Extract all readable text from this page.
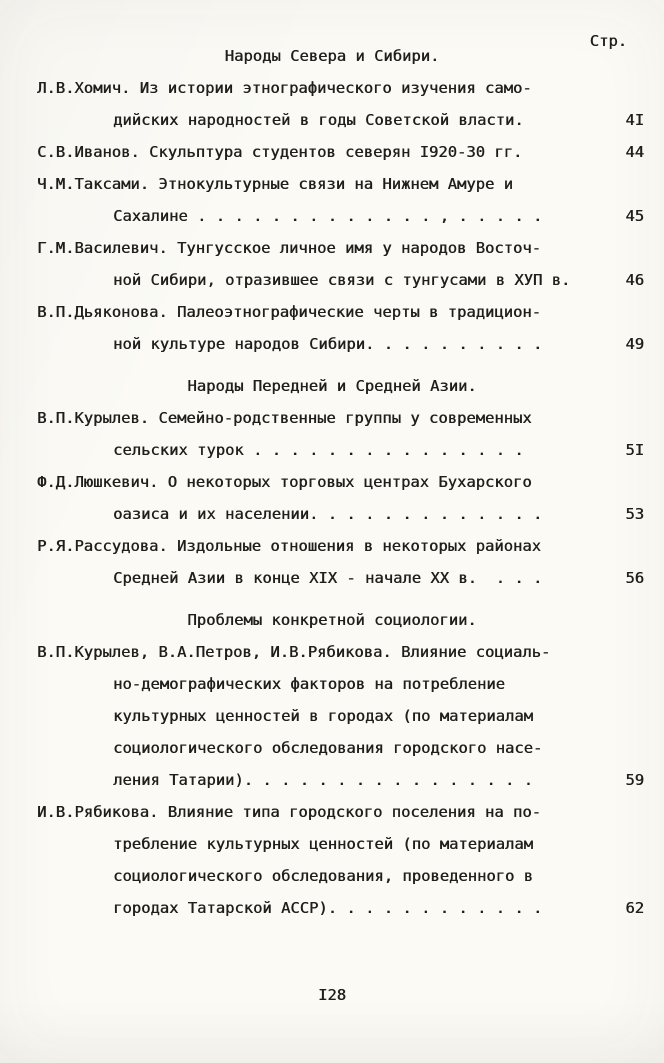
Стр.
Народы Севера и Сибири.
Л.В.Хомич. Из истории этнографического изучения само-
дийских народностей в годы Советской власти.	4I
С.В.Иванов. Скульптура студентов северян I920-30 гг.	44
Ч.М.Таксами. Этнокультурные связи на Нижнем Амуре и
Сахалине . . . . . . . . . . . . . , . . . . .	45
Г.М.Василевич. Тунгусское личное имя у народов Восточ-
ной Сибири, отразившее связи с тунгусами в ХУП в.	46
В.П.Дьяконова. Палеоэтнографические черты в традицион-
ной культуре народов Сибири. . . . . . . . . .	49
Народы Передней и Средней Азии.
В.П.Курылев. Семейно-родственные группы у современных
сельских турок . . . . . . . . . . . . . . .	5I
Ф.Д.Люшкевич. О некоторых торговых центрах Бухарского
оазиса и их населении. . . . . . . . . . . . .	53
Р.Я.Рассудова. Издольные отношения в некоторых районах
Средней Азии в конце XIX - начале XX в.  . . .	56
Проблемы конкретной социологии.
В.П.Курылев, В.А.Петров, И.В.Рябикова. Влияние социаль-
но-демографических факторов на потребление
культурных ценностей в городах (по материалам
социологического обследования городского насе-
ления Татарии). . . . . . . . . . . . . . . .	59
И.В.Рябикова. Влияние типа городского поселения на по-
требление культурных ценностей (по материалам
социологического обследования, проведенного в
городах Татарской АССР). . . . . . . . . . . .	62
I28
